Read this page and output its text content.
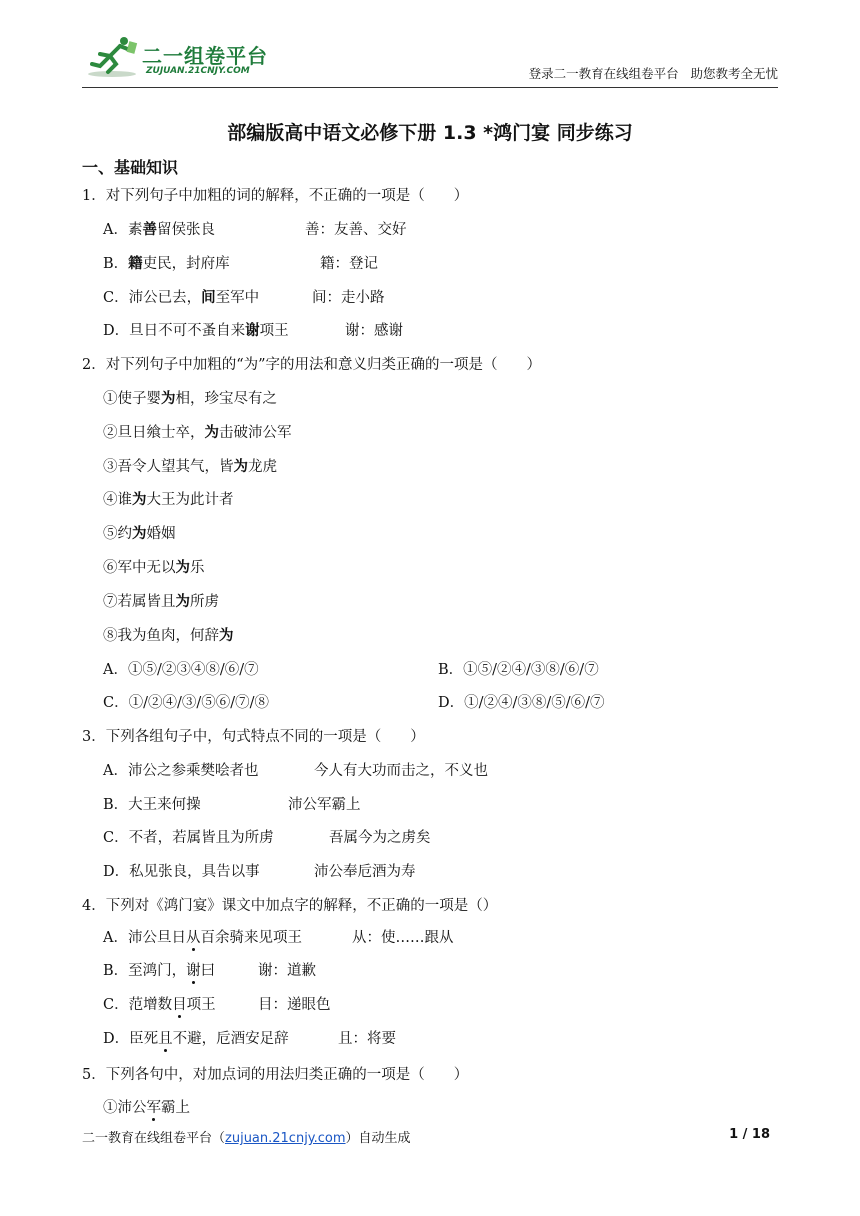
二一组卷平台
ZUJUAN.21CNJY.COM	登录二一教育在线组卷平台   助您教考全无忧
部编版高中语文必修下册 1.3 *鸿门宴 同步练习
一、基础知识
1．对下列句子中加粗的词的解释，不正确的一项是（　　）
A．素善留侯张良	善：友善、交好
B．籍吏民，封府库	籍：登记
C．沛公已去，间至军中	间：走小路
D．旦日不可不蚤自来谢项王	谢：感谢
2．对下列句子中加粗的“为”字的用法和意义归类正确的一项是（　　）
①使子婴为相，珍宝尽有之
②旦日飨士卒，为击破沛公军
③吾令人望其气，皆为龙虎
④谁为大王为此计者
⑤约为婚姻
⑥军中无以为乐
⑦若属皆且为所虏
⑧我为鱼肉，何辞为
A．①⑤/②③④⑧/⑥/⑦	B．①⑤/②④/③⑧/⑥/⑦
C．①/②④/③/⑤⑥/⑦/⑧	D．①/②④/③⑧/⑤/⑥/⑦
3．下列各组句子中，句式特点不同的一项是（　　）
A．沛公之参乘樊哙者也	今人有大功而击之，不义也
B．大王来何操	沛公军霸上
C．不者，若属皆且为所虏	吾属今为之虏矣
D．私见张良，具告以事	沛公奉卮酒为寿
4．下列对《鸿门宴》课文中加点字的解释，不正确的一项是（）
A．沛公旦日从百余骑来见项王	从：使……跟从
B．至鸿门，谢曰	谢：道歉
C．范增数目项王	目：递眼色
D．臣死且不避，卮酒安足辞	且：将要
5．下列各句中，对加点词的用法归类正确的一项是（　　）
①沛公军霸上
二一教育在线组卷平台（zujuan.21cnjy.com）自动生成	1 / 18
